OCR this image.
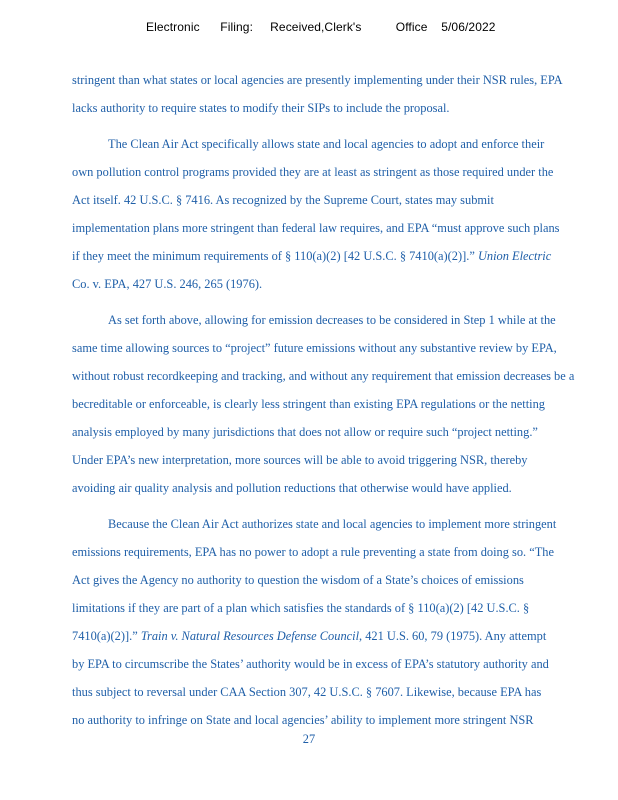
Electronic      Filing:     Received,Clerk's          Office    5/06/2022
stringent than what states or local agencies are presently implementing under their NSR rules, EPA
lacks authority to require states to modify their SIPs to include the proposal.
The Clean Air Act specifically allows state and local agencies to adopt and enforce their
own pollution control programs provided they are at least as stringent as those required under the
Act itself. 42 U.S.C. § 7416. As recognized by the Supreme Court, states may submit
implementation plans more stringent than federal law requires, and EPA “must approve such plans
if they meet the minimum requirements of § 110(a)(2) [42 U.S.C. § 7410(a)(2)].” Union Electric
Co. v. EPA, 427 U.S. 246, 265 (1976).
As set forth above, allowing for emission decreases to be considered in Step 1 while at the
same time allowing sources to “project” future emissions without any substantive review by EPA,
without robust recordkeeping and tracking, and without any requirement that emission decreases be a
becreditable or enforceable, is clearly less stringent than existing EPA regulations or the netting
analysis employed by many jurisdictions that does not allow or require such “project netting.”
Under EPA’s new interpretation, more sources will be able to avoid triggering NSR, thereby
avoiding air quality analysis and pollution reductions that otherwise would have applied.
Because the Clean Air Act authorizes state and local agencies to implement more stringent
emissions requirements, EPA has no power to adopt a rule preventing a state from doing so. “The
Act gives the Agency no authority to question the wisdom of a State’s choices of emissions
limitations if they are part of a plan which satisfies the standards of § 110(a)(2) [42 U.S.C. §
7410(a)(2)].” Train v. Natural Resources Defense Council, 421 U.S. 60, 79 (1975). Any attempt
by EPA to circumscribe the States’ authority would be in excess of EPA’s statutory authority and
thus subject to reversal under CAA Section 307, 42 U.S.C. § 7607. Likewise, because EPA has
no authority to infringe on State and local agencies’ ability to implement more stringent NSR
27
